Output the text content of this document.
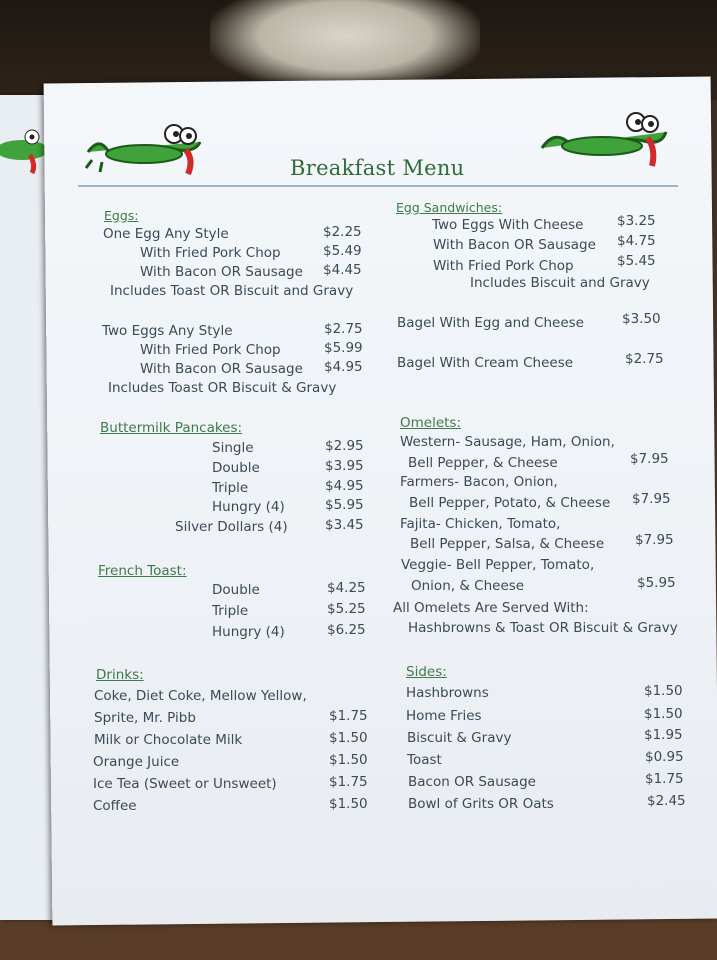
Breakfast Menu
Eggs:
One Egg Any Style	$2.25
With Fried Pork Chop	$5.49
With Bacon OR Sausage $4.45
Includes Toast OR Biscuit and Gravy
Two Eggs Any Style	$2.75
With Fried Pork Chop	$5.99
With Bacon OR Sausage $4.95
Includes Toast OR Biscuit & Gravy
Buttermilk Pancakes:
Single	$2.95
Double	$3.95
Triple	$4.95
Hungry (4)	$5.95
Silver Dollars (4)	$3.45
French Toast:
Double	$4.25
Triple	$5.25
Hungry (4)	$6.25
Drinks:
Coke, Diet Coke, Mellow Yellow,
Sprite, Mr. Pibb	$1.75
Milk or Chocolate Milk	$1.50
Orange Juice	$1.50
Ice Tea (Sweet or Unsweet)	$1.75
Coffee	$1.50
Egg Sandwiches:
Two Eggs With Cheese $3.25
With Bacon OR Sausage $4.75
With Fried Pork Chop	$5.45
Includes Biscuit and Gravy
Bagel With Egg and Cheese	$3.50
Bagel With Cream Cheese	$2.75
Omelets:
Western- Sausage, Ham, Onion,
Bell Pepper, & Cheese	$7.95
Farmers- Bacon, Onion,
Bell Pepper, Potato, & Cheese $7.95
Fajita- Chicken, Tomato,
Bell Pepper, Salsa, & Cheese $7.95
Veggie- Bell Pepper, Tomato,
Onion, & Cheese	$5.95
All Omelets Are Served With:
Hashbrowns & Toast OR Biscuit & Gravy
Sides:
Hashbrowns	$1.50
Home Fries	$1.50
Biscuit & Gravy	$1.95
Toast	$0.95
Bacon OR Sausage	$1.75
Bowl of Grits OR Oats	$2.45
